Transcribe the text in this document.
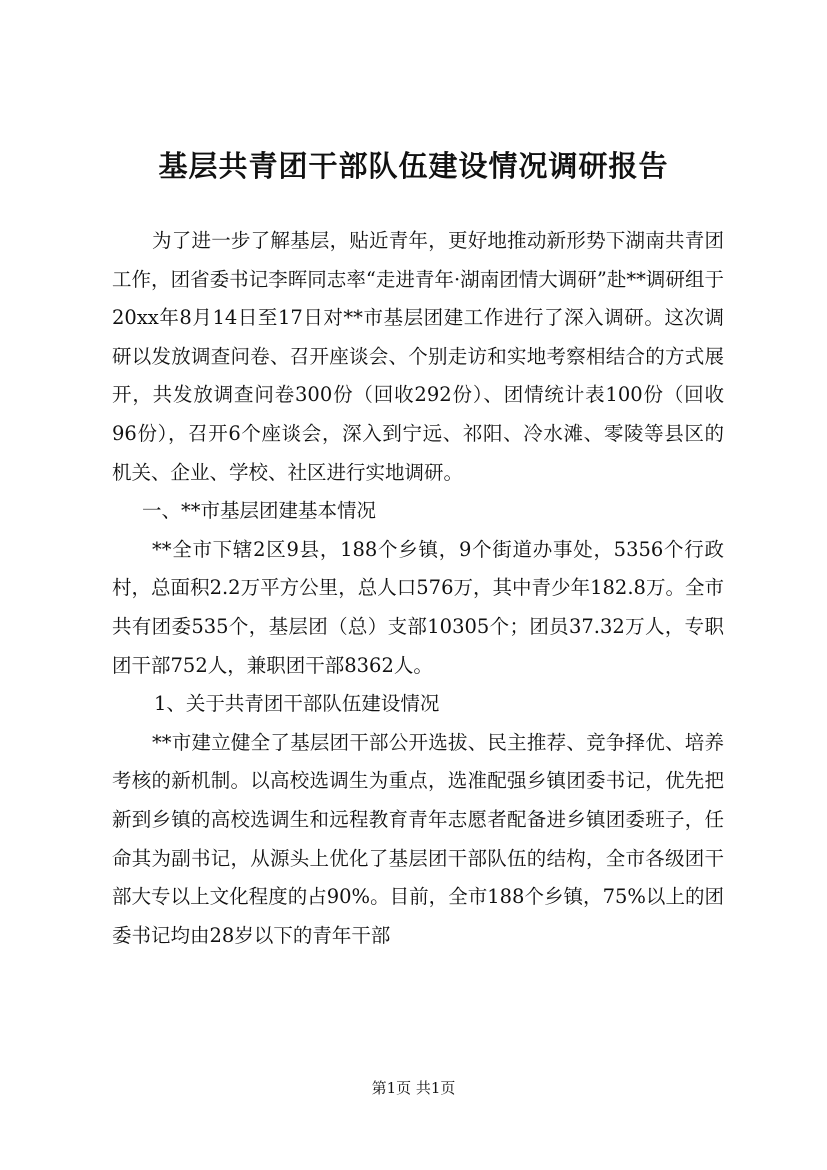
基层共青团干部队伍建设情况调研报告

为了进一步了解基层，贴近青年，更好地推动新形势下湖南共青团工作，团省委书记李晖同志率“走进青年·湖南团情大调研”赴**调研组于20xx年8月14日至17日对**市基层团建工作进行了深入调研。这次调研以发放调查问卷、召开座谈会、个别走访和实地考察相结合的方式展开，共发放调查问卷300份（回收292份）、团情统计表100份（回收96份），召开6个座谈会，深入到宁远、祁阳、冷水滩、零陵等县区的机关、企业、学校、社区进行实地调研。

一、**市基层团建基本情况

**全市下辖2区9县，188个乡镇，9个街道办事处，5356个行政村，总面积2.2万平方公里，总人口576万，其中青少年182.8万。全市共有团委535个，基层团（总）支部10305个；团员37.32万人，专职团干部752人，兼职团干部8362人。

1、关于共青团干部队伍建设情况

**市建立健全了基层团干部公开选拔、民主推荐、竞争择优、培养考核的新机制。以高校选调生为重点，选准配强乡镇团委书记，优先把新到乡镇的高校选调生和远程教育青年志愿者配备进乡镇团委班子，任命其为副书记，从源头上优化了基层团干部队伍的结构，全市各级团干部大专以上文化程度的占90%。目前，全市188个乡镇，75%以上的团委书记均由28岁以下的青年干部

第1页 共1页
